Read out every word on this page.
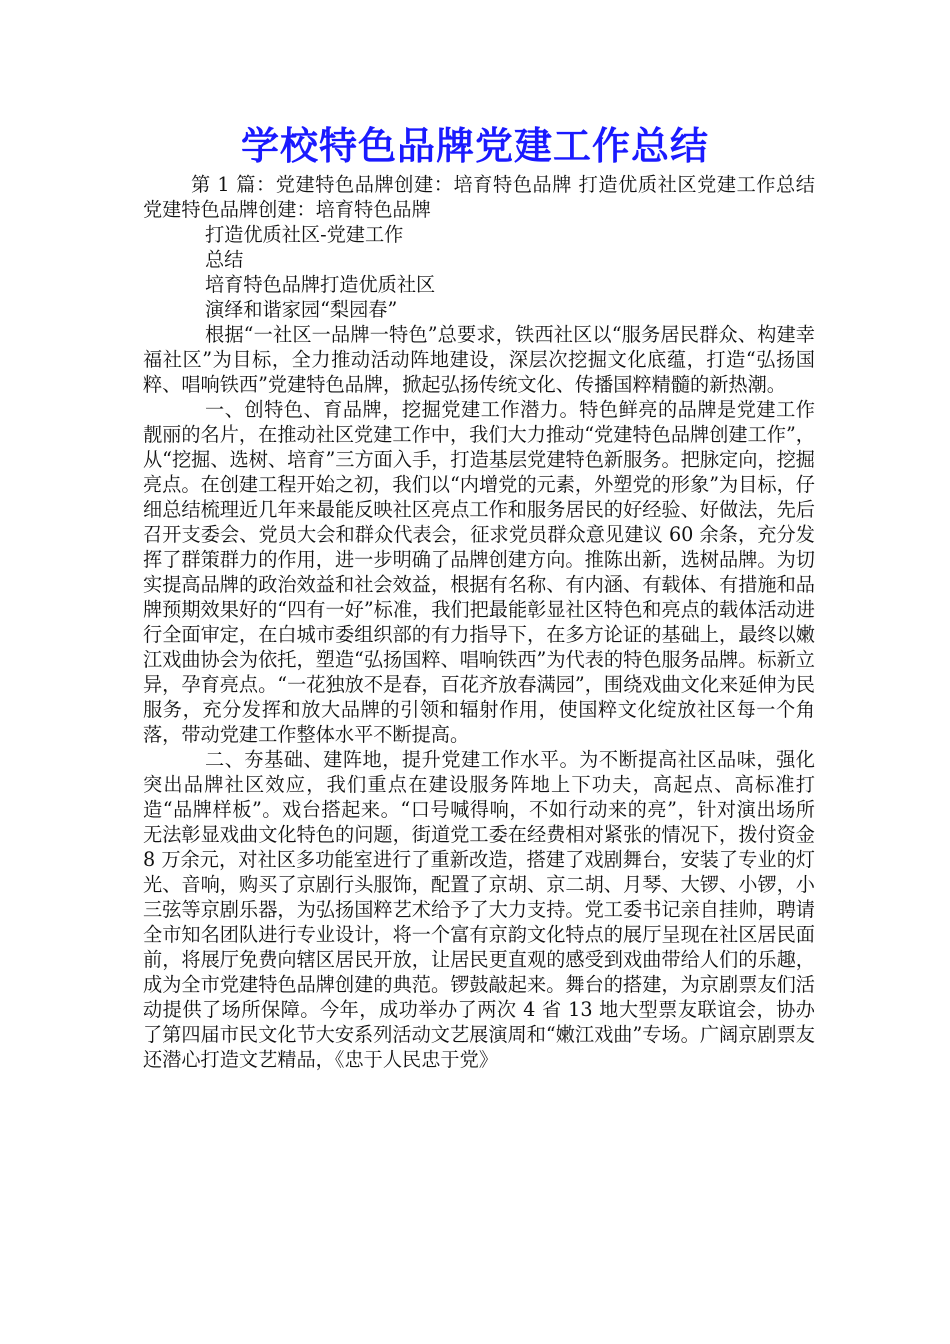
学校特色品牌党建工作总结

第 1 篇：党建特色品牌创建：培育特色品牌 打造优质社区党建工作总结 党建特色品牌创建：培育特色品牌

打造优质社区-党建工作

总结

培育特色品牌打造优质社区

演绎和谐家园“梨园春”

根据“一社区一品牌一特色”总要求，铁西社区以“服务居民群众、构建幸福社区”为目标，全力推动活动阵地建设，深层次挖掘文化底蕴，打造“弘扬国粹、唱响铁西”党建特色品牌，掀起弘扬传统文化、传播国粹精髓的新热潮。

一、创特色、育品牌，挖掘党建工作潜力。特色鲜亮的品牌是党建工作靓丽的名片，在推动社区党建工作中，我们大力推动“党建特色品牌创建工作”，从“挖掘、选树、培育”三方面入手，打造基层党建特色新服务。把脉定向，挖掘亮点。在创建工程开始之初，我们以“内增党的元素，外塑党的形象”为目标，仔细总结梳理近几年来最能反映社区亮点工作和服务居民的好经验、好做法，先后召开支委会、党员大会和群众代表会，征求党员群众意见建议 60 余条，充分发挥了群策群力的作用，进一步明确了品牌创建方向。推陈出新，选树品牌。为切实提高品牌的政治效益和社会效益，根据有名称、有内涵、有载体、有措施和品牌预期效果好的“四有一好”标准，我们把最能彰显社区特色和亮点的载体活动进行全面审定，在白城市委组织部的有力指导下，在多方论证的基础上，最终以嫩江戏曲协会为依托，塑造“弘扬国粹、唱响铁西”为代表的特色服务品牌。标新立异，孕育亮点。“一花独放不是春，百花齐放春满园”，围绕戏曲文化来延伸为民服务，充分发挥和放大品牌的引领和辐射作用，使国粹文化绽放社区每一个角落，带动党建工作整体水平不断提高。

二、夯基础、建阵地，提升党建工作水平。为不断提高社区品味，强化突出品牌社区效应，我们重点在建设服务阵地上下功夫，高起点、高标准打造“品牌样板”。戏台搭起来。“口号喊得响，不如行动来的亮”，针对演出场所无法彰显戏曲文化特色的问题，街道党工委在经费相对紧张的情况下，拨付资金 8 万余元，对社区多功能室进行了重新改造，搭建了戏剧舞台，安装了专业的灯光、音响，购买了京剧行头服饰，配置了京胡、京二胡、月琴、大锣、小锣，小三弦等京剧乐器，为弘扬国粹艺术给予了大力支持。党工委书记亲自挂帅，聘请全市知名团队进行专业设计，将一个富有京韵文化特点的展厅呈现在社区居民面前，将展厅免费向辖区居民开放，让居民更直观的感受到戏曲带给人们的乐趣，成为全市党建特色品牌创建的典范。锣鼓敲起来。舞台的搭建，为京剧票友们活动提供了场所保障。今年，成功举办了两次 4 省 13 地大型票友联谊会，协办了第四届市民文化节大安系列活动文艺展演周和“嫩江戏曲”专场。广阔京剧票友还潜心打造文艺精品，《忠于人民忠于党》
